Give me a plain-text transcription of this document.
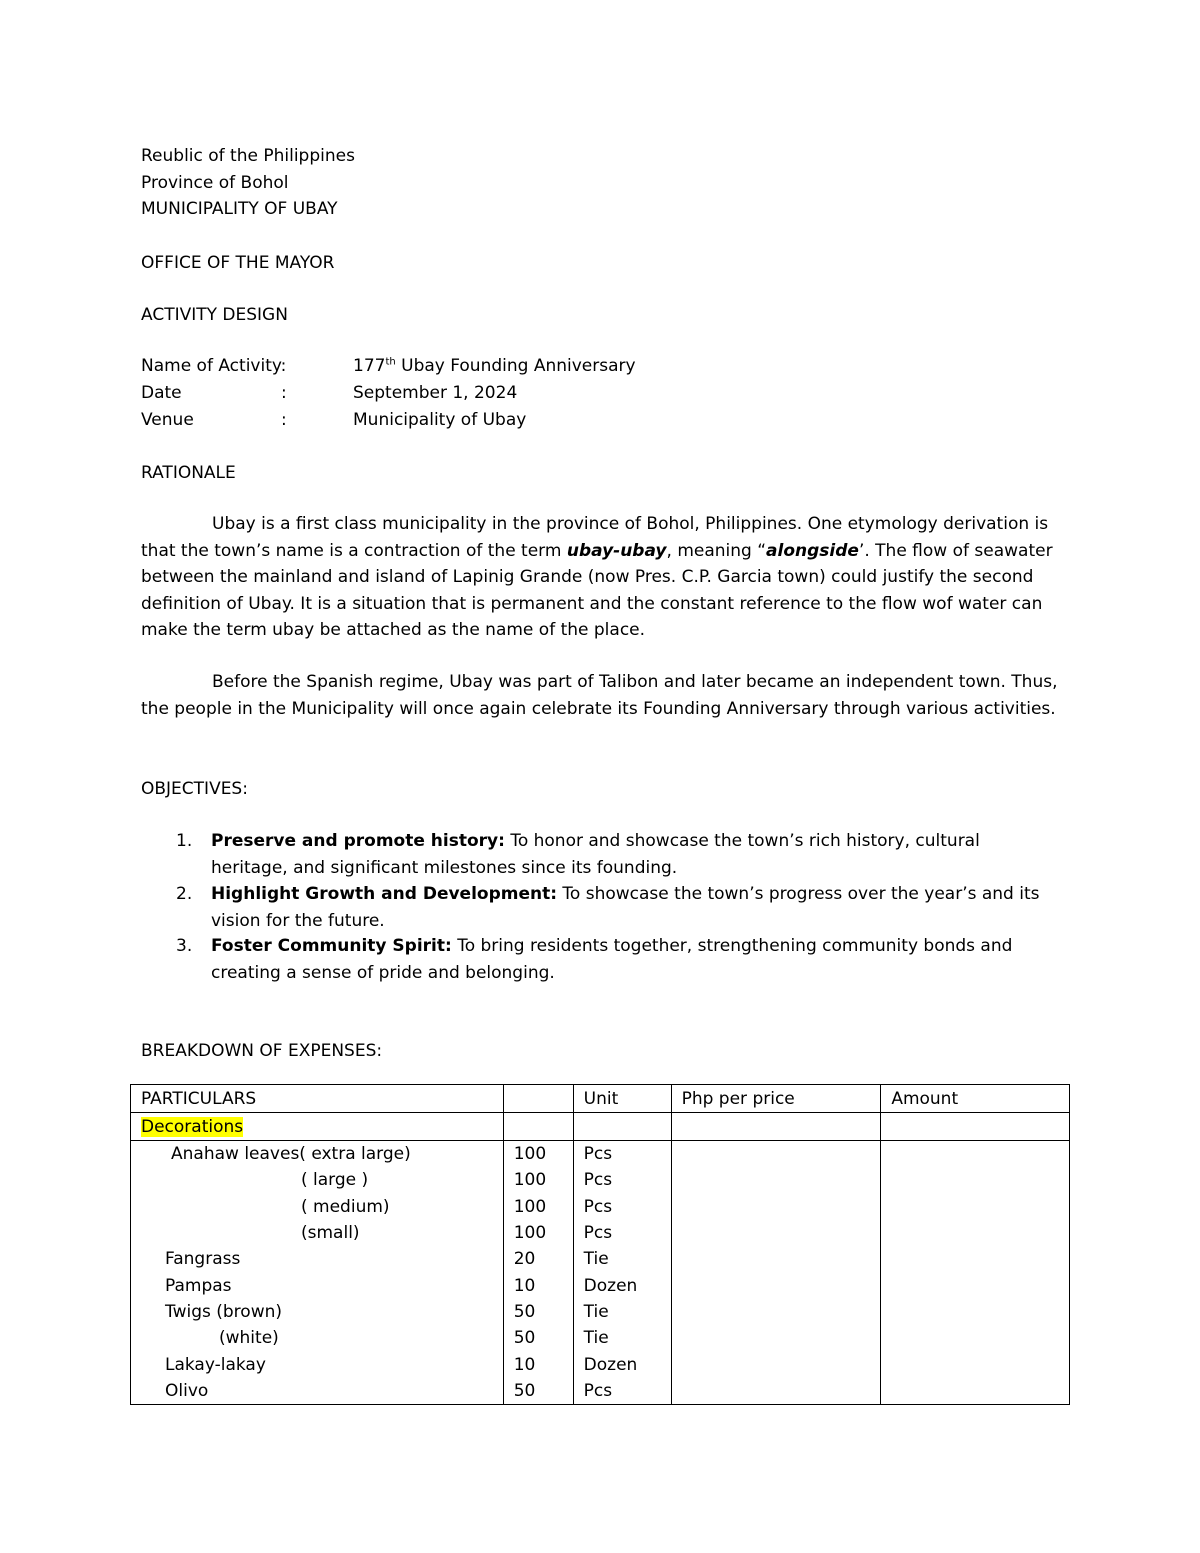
Reublic of the Philippines
Province of Bohol
MUNICIPALITY OF UBAY
OFFICE OF THE MAYOR
ACTIVITY DESIGN
Name of Activity:	177th Ubay Founding Anniversary
Date	:	September 1, 2024
Venue	:	Municipality of Ubay
RATIONALE
Ubay is a first class municipality in the province of Bohol, Philippines. One etymology derivation is that the town’s name is a contraction of the term ubay-ubay, meaning “alongside’. The flow of seawater between the mainland and island of Lapinig Grande (now Pres. C.P. Garcia town) could justify the second definition of Ubay. It is a situation that is permanent and the constant reference to the flow wof water can make the term ubay be attached as the name of the place.
Before the Spanish regime, Ubay was part of Talibon and later became an independent town. Thus, the people in the Municipality will once again celebrate its Founding Anniversary through various activities.
OBJECTIVES:
1. Preserve and promote history: To honor and showcase the town’s rich history, cultural heritage, and significant milestones since its founding.
2. Highlight Growth and Development: To showcase the town’s progress over the year’s and its vision for the future.
3. Foster Community Spirit: To bring residents together, strengthening community bonds and creating a sense of pride and belonging.
BREAKDOWN OF EXPENSES:
PARTICULARS		Unit	Php per price	Amount
Decorations				
Anahaw leaves( extra large)	100	Pcs		
( large )	100	Pcs		
( medium)	100	Pcs		
(small)	100	Pcs		
Fangrass	20	Tie		
Pampas	10	Dozen		
Twigs (brown)	50	Tie		
(white)	50	Tie		
Lakay-lakay	10	Dozen		
Olivo	50	Pcs		
